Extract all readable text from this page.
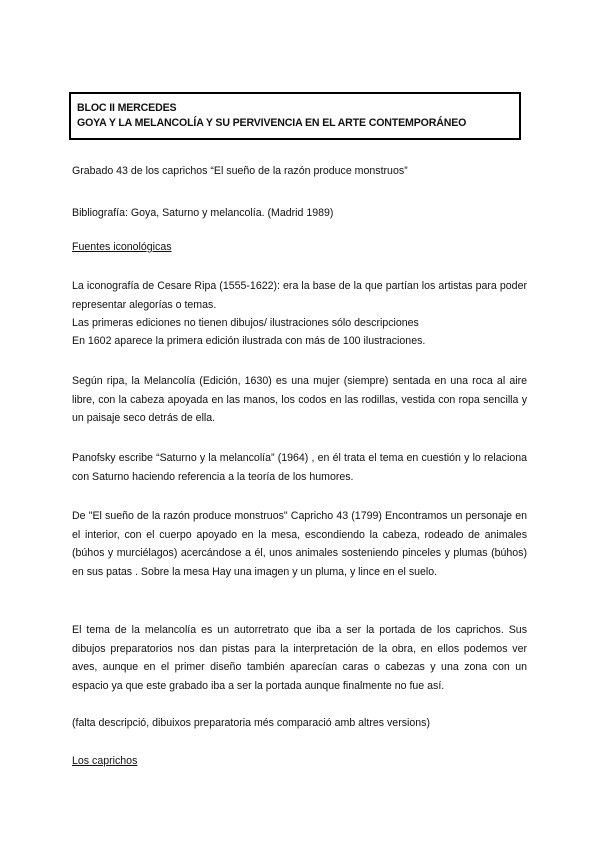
BLOC II MERCEDES
GOYA Y LA MELANCOLÍA Y SU PERVIVENCIA EN EL ARTE CONTEMPORÁNEO

Grabado 43 de los caprichos “El sueño de la razón produce monstruos”

Bibliografía: Goya, Saturno y melancolía. (Madrid 1989)

Fuentes iconológicas

La iconografía de Cesare Ripa (1555-1622): era la base de la que partían los artistas para poder representar alegorías o temas.

Las primeras ediciones no tienen dibujos/ ilustraciones sólo descripciones

En 1602 aparece la primera edición ilustrada con más de 100 ilustraciones.

Según ripa, la Melancolía (Edición, 1630) es una mujer (siempre) sentada en una roca al aire libre, con la cabeza apoyada en las manos, los codos en las rodillas, vestida con ropa sencilla y un paisaje seco detrás de ella.

Panofsky escribe “Saturno y la melancolía” (1964) , en él trata el tema en cuestión y lo relaciona con Saturno haciendo referencia a la teoría de los humores.

De "El sueño de la razón produce monstruos" Capricho 43 (1799) Encontramos un personaje en el interior, con el cuerpo apoyado en la mesa, escondiendo la cabeza, rodeado de animales (búhos y murciélagos) acercándose a él, unos animales sosteniendo pinceles y plumas (búhos) en sus patas . Sobre la mesa Hay una imagen y un pluma, y lince en el suelo.

El tema de la melancolía es un autorretrato que iba a ser la portada de los caprichos. Sus dibujos preparatorios nos dan pistas para la interpretación de la obra, en ellos podemos ver aves, aunque en el primer diseño también aparecían caras o cabezas y una zona con un espacio ya que este grabado iba a ser la portada aunque finalmente no fue así.

(falta descripció, dibuixos preparatoria més comparació amb altres versions)

Los caprichos
